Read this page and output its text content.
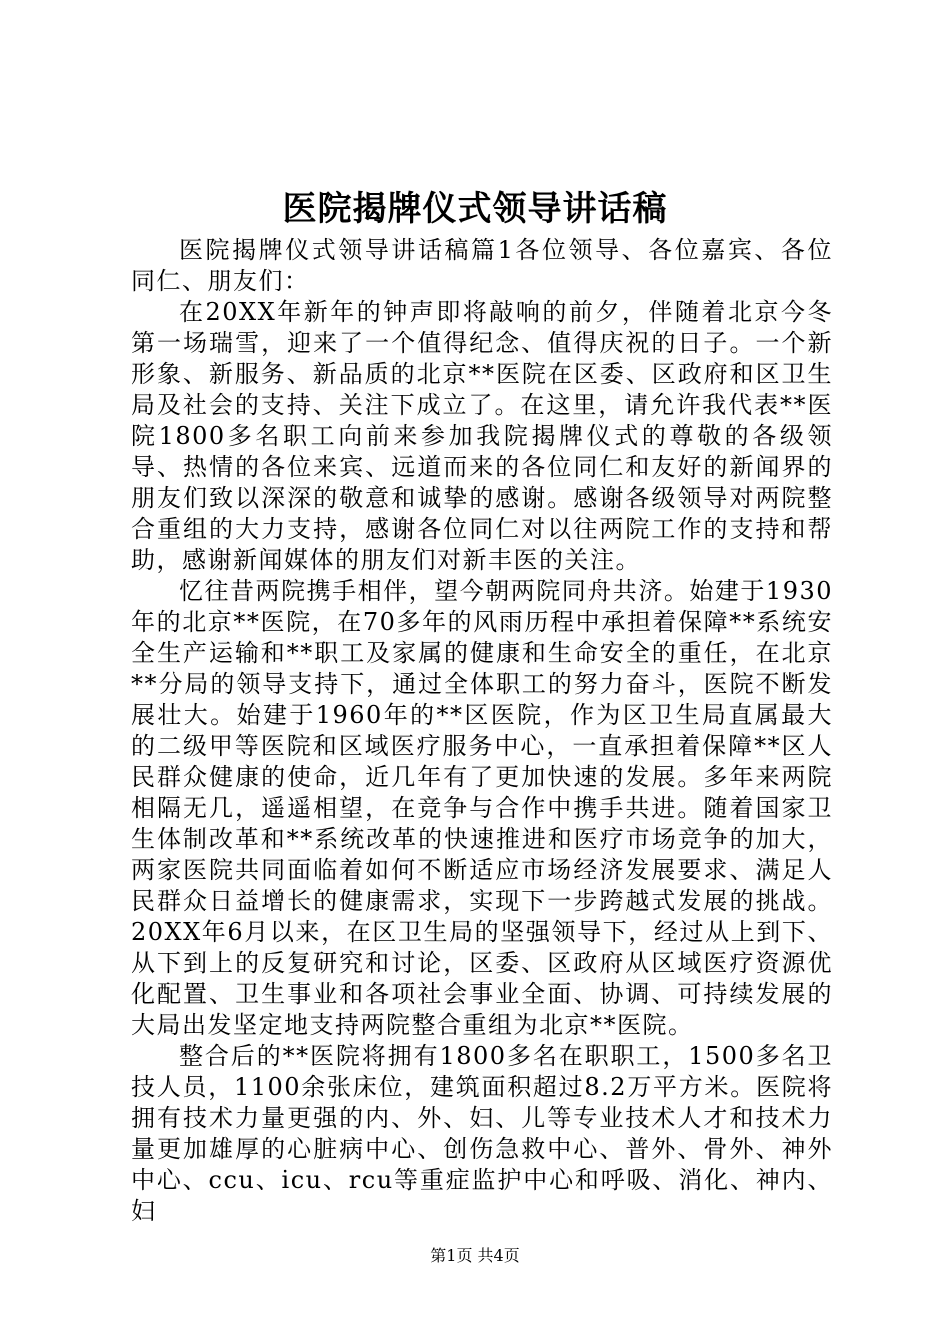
医院揭牌仪式领导讲话稿

医院揭牌仪式领导讲话稿篇1各位领导、各位嘉宾、各位同仁、朋友们：

在20XX年新年的钟声即将敲响的前夕，伴随着北京今冬第一场瑞雪，迎来了一个值得纪念、值得庆祝的日子。一个新形象、新服务、新品质的北京**医院在区委、区政府和区卫生局及社会的支持、关注下成立了。在这里，请允许我代表**医院1800多名职工向前来参加我院揭牌仪式的尊敬的各级领导、热情的各位来宾、远道而来的各位同仁和友好的新闻界的朋友们致以深深的敬意和诚挚的感谢。感谢各级领导对两院整合重组的大力支持，感谢各位同仁对以往两院工作的支持和帮助，感谢新闻媒体的朋友们对新丰医的关注。

忆往昔两院携手相伴，望今朝两院同舟共济。始建于1930年的北京**医院，在70多年的风雨历程中承担着保障**系统安全生产运输和**职工及家属的健康和生命安全的重任，在北京**分局的领导支持下，通过全体职工的努力奋斗，医院不断发展壮大。始建于1960年的**区医院，作为区卫生局直属最大的二级甲等医院和区域医疗服务中心，一直承担着保障**区人民群众健康的使命，近几年有了更加快速的发展。多年来两院相隔无几，遥遥相望，在竞争与合作中携手共进。随着国家卫生体制改革和**系统改革的快速推进和医疗市场竞争的加大，两家医院共同面临着如何不断适应市场经济发展要求、满足人民群众日益增长的健康需求，实现下一步跨越式发展的挑战。20XX年6月以来，在区卫生局的坚强领导下，经过从上到下、从下到上的反复研究和讨论，区委、区政府从区域医疗资源优化配置、卫生事业和各项社会事业全面、协调、可持续发展的大局出发坚定地支持两院整合重组为北京**医院。

整合后的**医院将拥有1800多名在职职工，1500多名卫技人员，1100余张床位，建筑面积超过8.2万平方米。医院将拥有技术力量更强的内、外、妇、儿等专业技术人才和技术力量更加雄厚的心脏病中心、创伤急救中心、普外、骨外、神外中心、ccu、icu、rcu等重症监护中心和呼吸、消化、神内、妇

第1页 共4页
